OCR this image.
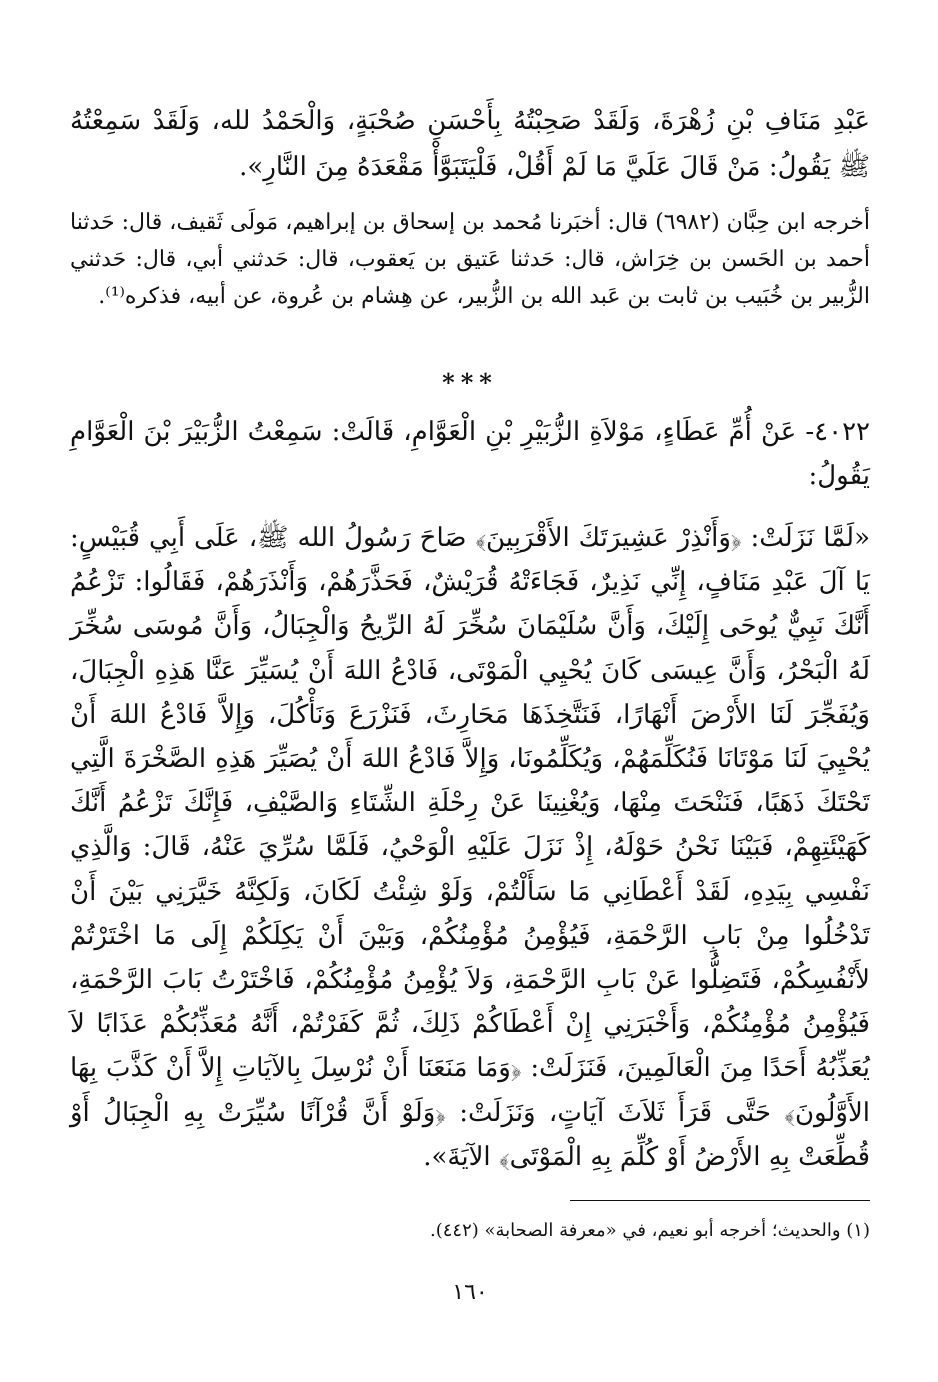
عَبْدِ مَنَافِ بْنِ زُهْرَةَ، وَلَقَدْ صَحِبْتُهُ بِأَحْسَنِ صُحْبَةٍ، وَالْحَمْدُ لله، وَلَقَدْ سَمِعْتُهُ ﷺ يَقُولُ: مَنْ قَالَ عَلَيَّ مَا لَمْ أَقُلْ، فَلْيَتَبَوَّأْ مَقْعَدَهُ مِنَ النَّارِ».

أخرجه ابن حِبَّان (٦٩٨٢) قال: أخبَرنا مُحمد بن إسحاق بن إبراهيم، مَولَى ثَقيف، قال: حَدثنا أحمد بن الحَسن بن خِرَاش، قال: حَدثنا عَتيق بن يَعقوب، قال: حَدثني أبي، قال: حَدثني الزُّبير بن خُبَيب بن ثابت بن عَبد الله بن الزُّبير، عن هِشام بن عُروة، عن أبيه، فذكره⁽¹⁾.

***

٤٠٢٢- عَنْ أُمِّ عَطَاءٍ، مَوْلاَةِ الزُّبَيْرِ بْنِ الْعَوَّامِ، قَالَتْ: سَمِعْتُ الزُّبَيْرَ بْنَ الْعَوَّامِ يَقُولُ:

«لَمَّا نَزَلَتْ: ﴿وَأَنْذِرْ عَشِيرَتَكَ الأَقْرَبِينَ﴾ صَاحَ رَسُولُ الله ﷺ، عَلَى أَبِي قُبَيْسٍ: يَا آلَ عَبْدِ مَنَافٍ، إِنِّي نَذِيرٌ، فَجَاءَتْهُ قُرَيْشٌ، فَحَذَّرَهُمْ، وَأَنْذَرَهُمْ، فَقَالُوا: تَزْعُمُ أَنَّكَ نَبِيٌّ يُوحَى إِلَيْكَ، وَأَنَّ سُلَيْمَانَ سُخِّرَ لَهُ الرِّيحُ وَالْجِبَالُ، وَأَنَّ مُوسَى سُخِّرَ لَهُ الْبَحْرُ، وَأَنَّ عِيسَى كَانَ يُحْيِي الْمَوْتَى، فَادْعُ اللهَ أَنْ يُسَيِّرَ عَنَّا هَذِهِ الْجِبَالَ، وَيُفَجِّرَ لَنَا الأَرْضَ أَنْهَارًا، فَنَتَّخِذَهَا مَحَارِثَ، فَنَزْرَعَ وَنَأْكُلَ، وَإِلاَّ فَادْعُ اللهَ أَنْ يُحْيِيَ لَنَا مَوْتَانَا فَنُكَلِّمَهُمْ، وَيُكَلِّمُونَا، وَإِلاَّ فَادْعُ اللهَ أَنْ يُصَيِّرَ هَذِهِ الصَّخْرَةَ الَّتِي تَحْتَكَ ذَهَبًا، فَنَنْحَتَ مِنْهَا، وَيُغْنِينَا عَنْ رِحْلَةِ الشِّتَاءِ وَالصَّيْفِ، فَإِنَّكَ تَزْعُمُ أَنَّكَ كَهَيْئَتِهِمْ، فَبَيْنَا نَحْنُ حَوْلَهُ، إِذْ نَزَلَ عَلَيْهِ الْوَحْيُ، فَلَمَّا سُرِّيَ عَنْهُ، قَالَ: وَالَّذِي نَفْسِي بِيَدِهِ، لَقَدْ أَعْطَانِي مَا سَأَلْتُمْ، وَلَوْ شِئْتُ لَكَانَ، وَلَكِنَّهُ خَيَّرَنِي بَيْنَ أَنْ تَدْخُلُوا مِنْ بَابِ الرَّحْمَةِ، فَيُؤْمِنُ مُؤْمِنُكُمْ، وَبَيْنَ أَنْ يَكِلَكُمْ إِلَى مَا اخْتَرْتُمْ لأَنْفُسِكُمْ، فَتَضِلُّوا عَنْ بَابِ الرَّحْمَةِ، وَلاَ يُؤْمِنُ مُؤْمِنُكُمْ، فَاخْتَرْتُ بَابَ الرَّحْمَةِ، فَيُؤْمِنُ مُؤْمِنُكُمْ، وَأَخْبَرَنِي إِنْ أَعْطَاكُمْ ذَلِكَ، ثُمَّ كَفَرْتُمْ، أَنَّهُ مُعَذِّبُكُمْ عَذَابًا لاَ يُعَذِّبُهُ أَحَدًا مِنَ الْعَالَمِينَ، فَنَزَلَتْ: ﴿وَمَا مَنَعَنَا أَنْ نُرْسِلَ بِالآيَاتِ إِلاَّ أَنْ كَذَّبَ بِهَا الأَوَّلُونَ﴾ حَتَّى قَرَأَ ثَلاَثَ آيَاتٍ، وَنَزَلَتْ: ﴿وَلَوْ أَنَّ قُرْآنًا سُيِّرَتْ بِهِ الْجِبَالُ أَوْ قُطِّعَتْ بِهِ الأَرْضُ أَوْ كُلِّمَ بِهِ الْمَوْتَى﴾ الآيَةَ».

(١) والحديث؛ أخرجه أبو نعيم، في «معرفة الصحابة» (٤٤٢).

١٦٠
